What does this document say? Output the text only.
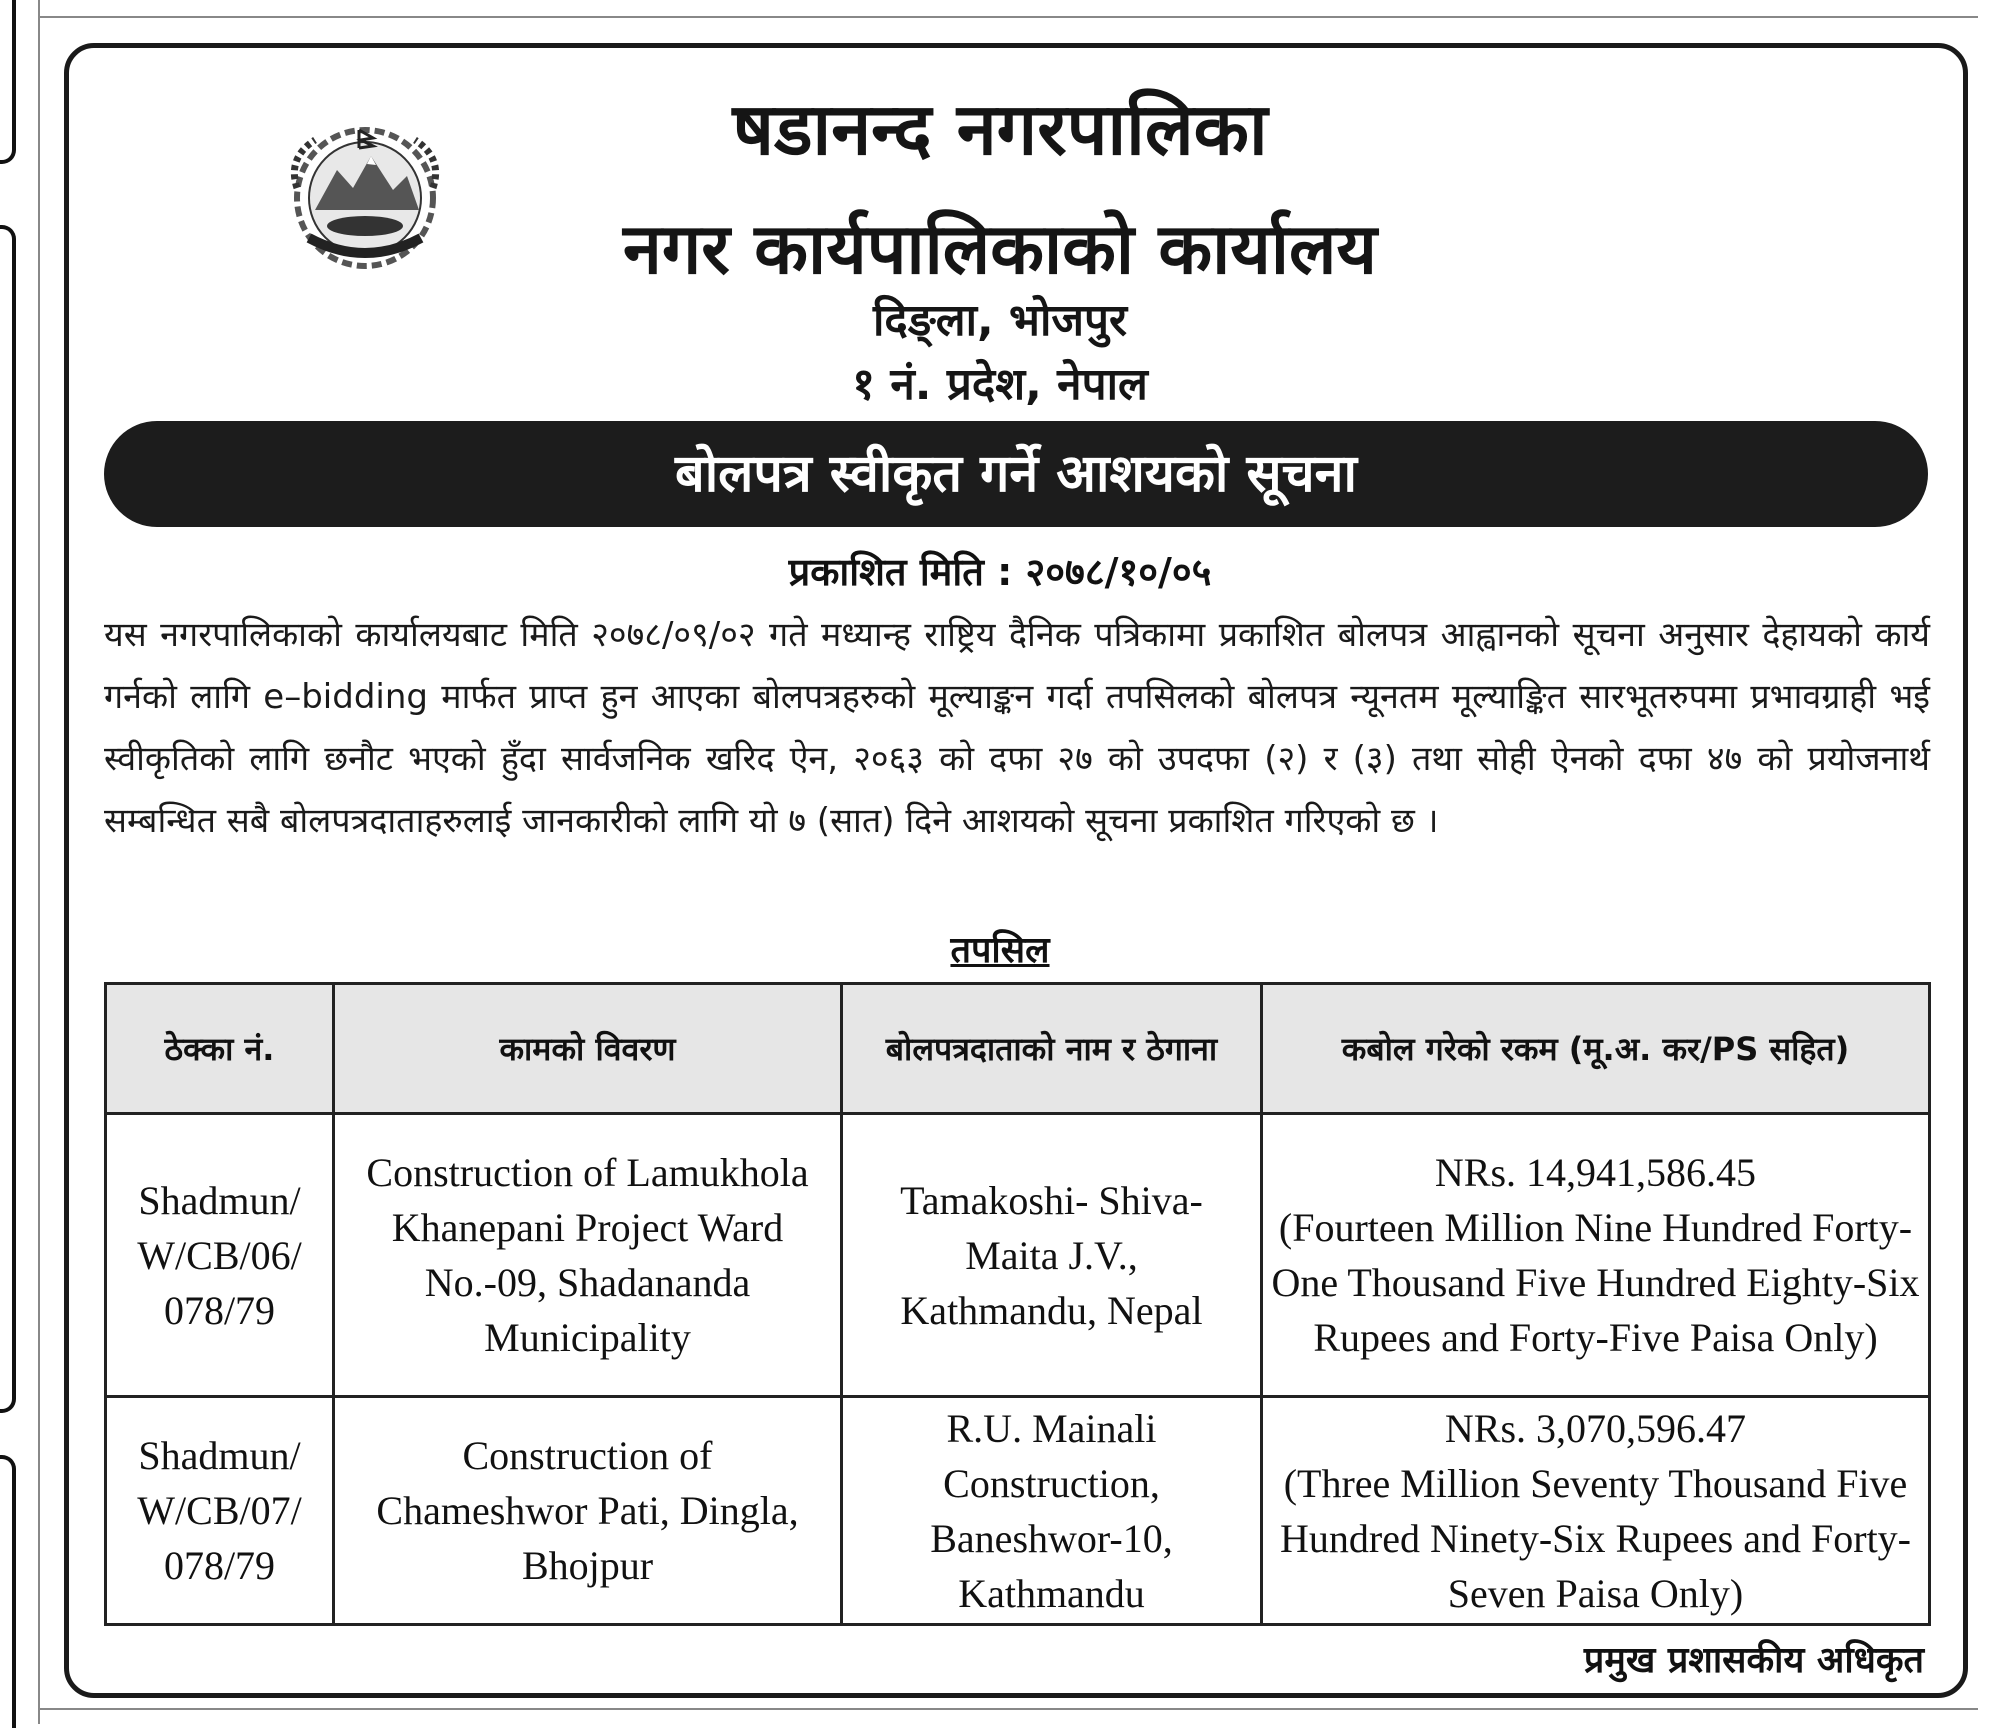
षडानन्द नगरपालिका
नगर कार्यपालिकाको कार्यालय
दिङ्ला, भोजपुर
१ नं. प्रदेश, नेपाल
बोलपत्र स्वीकृत गर्ने आशयको सूचना
प्रकाशित मिति : २०७८/१०/०५
यस नगरपालिकाको कार्यालयबाट मिति २०७८/०९/०२ गते मध्यान्ह राष्ट्रिय दैनिक पत्रिकामा प्रकाशित बोलपत्र आह्वानको सूचना अनुसार देहायको कार्य गर्नको लागि e–bidding मार्फत प्राप्त हुन आएका बोलपत्रहरुको मूल्याङ्कन गर्दा तपसिलको बोलपत्र न्यूनतम मूल्याङ्कित सारभूतरुपमा प्रभावग्राही भई स्वीकृतिको लागि छनौट भएको हुँदा सार्वजनिक खरिद ऐन, २०६३ को दफा २७ को उपदफा (२) र (३) तथा सोही ऐनको दफा ४७ को प्रयोजनार्थ सम्बन्धित सबै बोलपत्रदाताहरुलाई जानकारीको लागि यो ७ (सात) दिने आशयको सूचना प्रकाशित गरिएको छ ।
तपसिल
ठेक्का नं.	कामको विवरण	बोलपत्रदाताको नाम र ठेगाना	कबोल गरेको रकम (मू.अ. कर/PS सहित)
Shadmun/ W/CB/06/ 078/79	Construction of Lamukhola Khanepani Project Ward No.-09, Shadananda Municipality	Tamakoshi- Shiva-Maita J.V., Kathmandu, Nepal	NRs. 14,941,586.45
(Fourteen Million Nine Hundred Forty-One Thousand Five Hundred Eighty-Six Rupees and Forty-Five Paisa Only)

Shadmun/ W/CB/07/ 078/79	Construction of Chameshwor Pati, Dingla, Bhojpur	R.U. Mainali Construction, Baneshwor-10, Kathmandu	NRs. 3,070,596.47
(Three Million Seventy Thousand Five Hundred Ninety-Six Rupees and Forty-Seven Paisa Only)
प्रमुख प्रशासकीय अधिकृत
